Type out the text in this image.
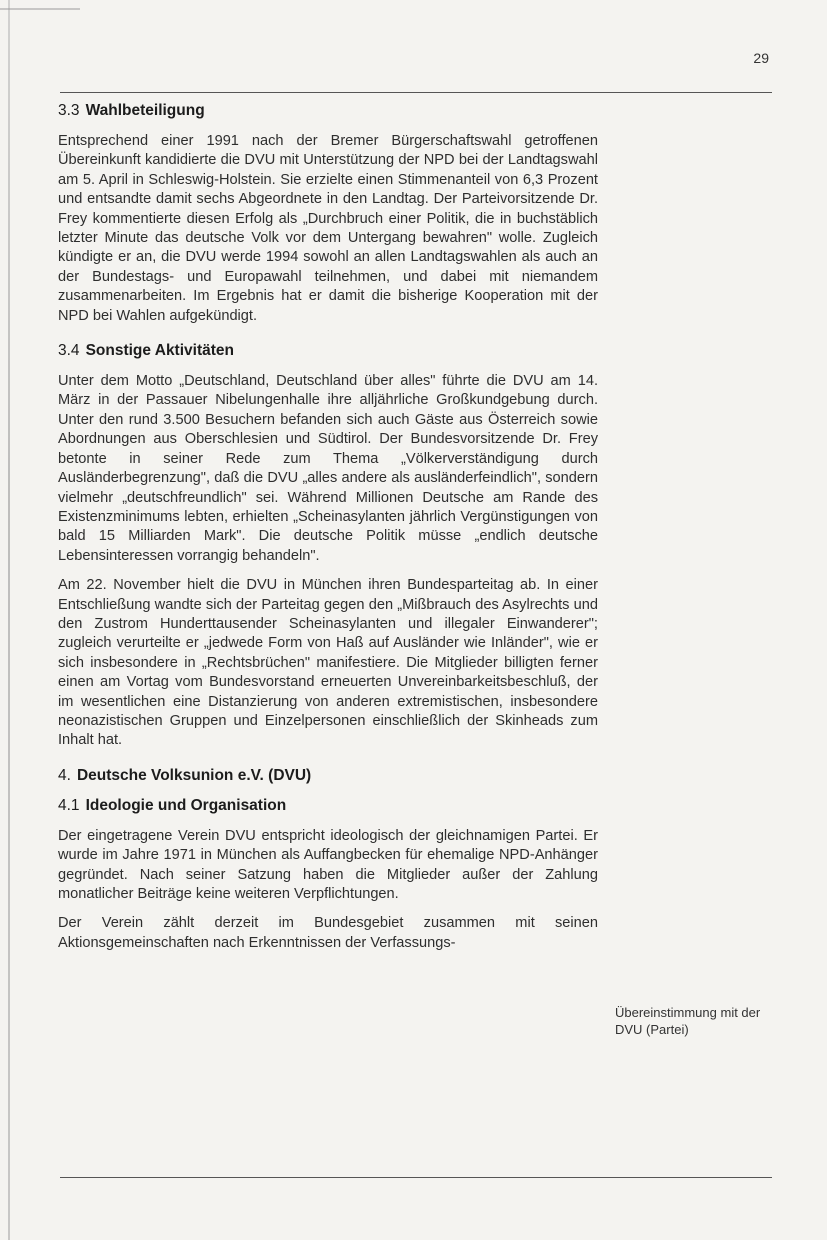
29
3.3 Wahlbeteiligung

Entsprechend einer 1991 nach der Bremer Bürgerschaftswahl getroffenen Übereinkunft kandidierte die DVU mit Unterstützung der NPD bei der Landtagswahl am 5. April in Schleswig-Holstein. Sie erzielte einen Stimmenanteil von 6,3 Prozent und entsandte damit sechs Abgeordnete in den Landtag. Der Parteivorsitzende Dr. Frey kommentierte diesen Erfolg als „Durchbruch einer Politik, die in buchstäblich letzter Minute das deutsche Volk vor dem Untergang bewahren" wolle. Zugleich kündigte er an, die DVU werde 1994 sowohl an allen Landtagswahlen als auch an der Bundestags- und Europawahl teilnehmen, und dabei mit niemandem zusammenarbeiten. Im Ergebnis hat er damit die bisherige Kooperation mit der NPD bei Wahlen aufgekündigt.

3.4 Sonstige Aktivitäten

Unter dem Motto „Deutschland, Deutschland über alles" führte die DVU am 14. März in der Passauer Nibelungenhalle ihre alljährliche Großkundgebung durch. Unter den rund 3.500 Besuchern befanden sich auch Gäste aus Österreich sowie Abordnungen aus Oberschlesien und Südtirol. Der Bundesvorsitzende Dr. Frey betonte in seiner Rede zum Thema „Völkerverständigung durch Ausländerbegrenzung", daß die DVU „alles andere als ausländerfeindlich", sondern vielmehr „deutschfreundlich" sei. Während Millionen Deutsche am Rande des Existenzminimums lebten, erhielten „Scheinasylanten jährlich Vergünstigungen von bald 15 Milliarden Mark". Die deutsche Politik müsse „endlich deutsche Lebensinteressen vorrangig behandeln".

Am 22. November hielt die DVU in München ihren Bundesparteitag ab. In einer Entschließung wandte sich der Parteitag gegen den „Mißbrauch des Asylrechts und den Zustrom Hunderttausender Scheinasylanten und illegaler Einwanderer"; zugleich verurteilte er „jedwede Form von Haß auf Ausländer wie Inländer", wie er sich insbesondere in „Rechtsbrüchen" manifestiere. Die Mitglieder billigten ferner einen am Vortag vom Bundesvorstand erneuerten Unvereinbarkeitsbeschluß, der im wesentlichen eine Distanzierung von anderen extremistischen, insbesondere neonazistischen Gruppen und Einzelpersonen einschließlich der Skinheads zum Inhalt hat.

4. Deutsche Volksunion e.V. (DVU)
4.1 Ideologie und Organisation

Der eingetragene Verein DVU entspricht ideologisch der gleichnamigen Partei. Er wurde im Jahre 1971 in München als Auffangbecken für ehemalige NPD-Anhänger gegründet. Nach seiner Satzung haben die Mitglieder außer der Zahlung monatlicher Beiträge keine weiteren Verpflichtungen.

Der Verein zählt derzeit im Bundesgebiet zusammen mit seinen Aktionsgemeinschaften nach Erkenntnissen der Verfassungs-

Übereinstimmung mit der DVU (Partei)
